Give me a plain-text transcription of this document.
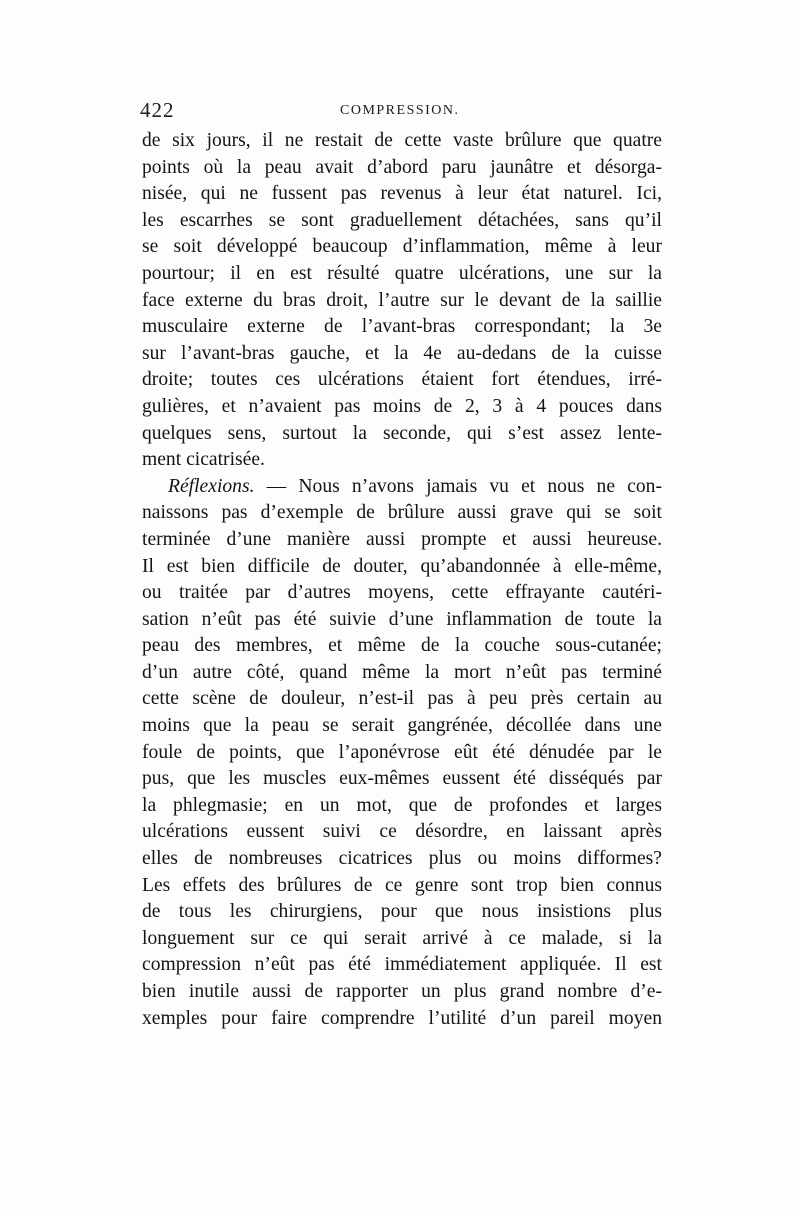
422	COMPRESSION.
de six jours, il ne restait de cette vaste brûlure que quatre
points où la peau avait d’abord paru jaunâtre et désorga-
nisée, qui ne fussent pas revenus à leur état naturel. Ici,
les escarrhes se sont graduellement détachées, sans qu’il
se soit développé beaucoup d’inflammation, même à leur
pourtour; il en est résulté quatre ulcérations, une sur la
face externe du bras droit, l’autre sur le devant de la saillie
musculaire externe de l’avant-bras correspondant; la 3e
sur l’avant-bras gauche, et la 4e au-dedans de la cuisse
droite; toutes ces ulcérations étaient fort étendues, irré-
gulières, et n’avaient pas moins de 2, 3 à 4 pouces dans
quelques sens, surtout la seconde, qui s’est assez lente-
ment cicatrisée.
Réflexions. — Nous n’avons jamais vu et nous ne con-
naissons pas d’exemple de brûlure aussi grave qui se soit
terminée d’une manière aussi prompte et aussi heureuse.
Il est bien difficile de douter, qu’abandonnée à elle-même,
ou traitée par d’autres moyens, cette effrayante cautéri-
sation n’eût pas été suivie d’une inflammation de toute la
peau des membres, et même de la couche sous-cutanée;
d’un autre côté, quand même la mort n’eût pas terminé
cette scène de douleur, n’est-il pas à peu près certain au
moins que la peau se serait gangrénée, décollée dans une
foule de points, que l’aponévrose eût été dénudée par le
pus, que les muscles eux-mêmes eussent été disséqués par
la phlegmasie; en un mot, que de profondes et larges
ulcérations eussent suivi ce désordre, en laissant après
elles de nombreuses cicatrices plus ou moins difformes?
Les effets des brûlures de ce genre sont trop bien connus
de tous les chirurgiens, pour que nous insistions plus
longuement sur ce qui serait arrivé à ce malade, si la
compression n’eût pas été immédiatement appliquée. Il est
bien inutile aussi de rapporter un plus grand nombre d’e-
xemples pour faire comprendre l’utilité d’un pareil moyen
